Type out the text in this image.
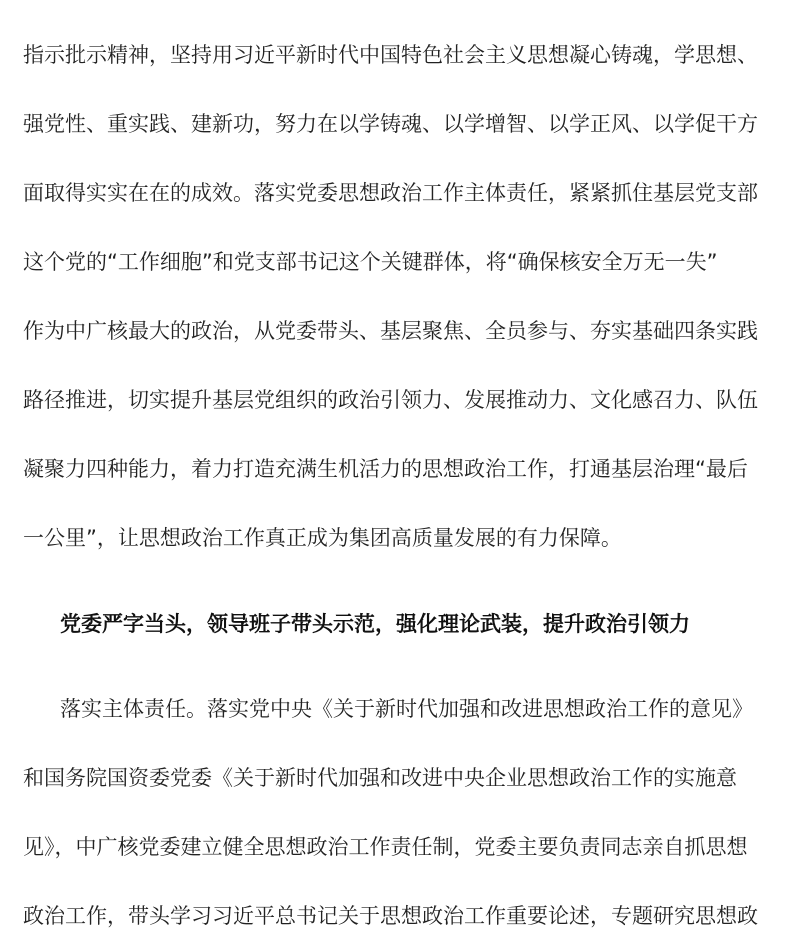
指示批示精神，坚持用习近平新时代中国特色社会主义思想凝心铸魂，学思想、
强党性、重实践、建新功，努力在以学铸魂、以学增智、以学正风、以学促干方
面取得实实在在的成效。落实党委思想政治工作主体责任，紧紧抓住基层党支部
这个党的“工作细胞”和党支部书记这个关键群体，将“确保核安全万无一失”
作为中广核最大的政治，从党委带头、基层聚焦、全员参与、夯实基础四条实践
路径推进，切实提升基层党组织的政治引领力、发展推动力、文化感召力、队伍
凝聚力四种能力，着力打造充满生机活力的思想政治工作，打通基层治理“最后
一公里”，让思想政治工作真正成为集团高质量发展的有力保障。
党委严字当头，领导班子带头示范，强化理论武装，提升政治引领力
落实主体责任。落实党中央《关于新时代加强和改进思想政治工作的意见》
和国务院国资委党委《关于新时代加强和改进中央企业思想政治工作的实施意
见》，中广核党委建立健全思想政治工作责任制，党委主要负责同志亲自抓思想
政治工作，带头学习习近平总书记关于思想政治工作重要论述，专题研究思想政
